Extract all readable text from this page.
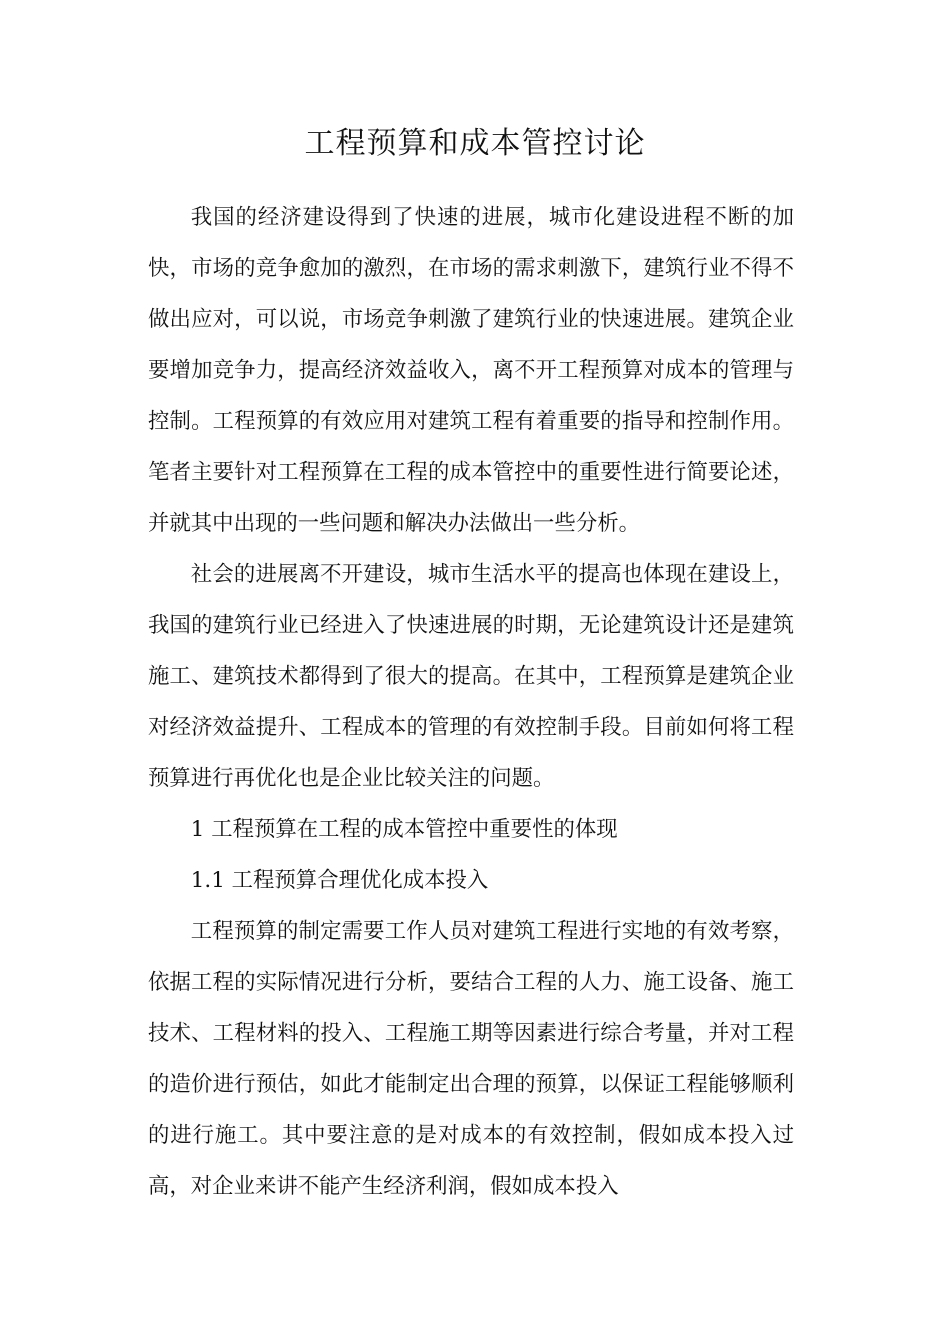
工程预算和成本管控讨论

我国的经济建设得到了快速的进展，城市化建设进程不断的加快，市场的竞争愈加的激烈，在市场的需求刺激下，建筑行业不得不做出应对，可以说，市场竞争刺激了建筑行业的快速进展。建筑企业要增加竞争力，提高经济效益收入，离不开工程预算对成本的管理与控制。工程预算的有效应用对建筑工程有着重要的指导和控制作用。笔者主要针对工程预算在工程的成本管控中的重要性进行简要论述，并就其中出现的一些问题和解决办法做出一些分析。

社会的进展离不开建设，城市生活水平的提高也体现在建设上，我国的建筑行业已经进入了快速进展的时期，无论建筑设计还是建筑施工、建筑技术都得到了很大的提高。在其中，工程预算是建筑企业对经济效益提升、工程成本的管理的有效控制手段。目前如何将工程预算进行再优化也是企业比较关注的问题。

1 工程预算在工程的成本管控中重要性的体现

1.1 工程预算合理优化成本投入

工程预算的制定需要工作人员对建筑工程进行实地的有效考察，依据工程的实际情况进行分析，要结合工程的人力、施工设备、施工技术、工程材料的投入、工程施工期等因素进行综合考量，并对工程的造价进行预估，如此才能制定出合理的预算，以保证工程能够顺利的进行施工。其中要注意的是对成本的有效控制，假如成本投入过高，对企业来讲不能产生经济利润，假如成本投入
